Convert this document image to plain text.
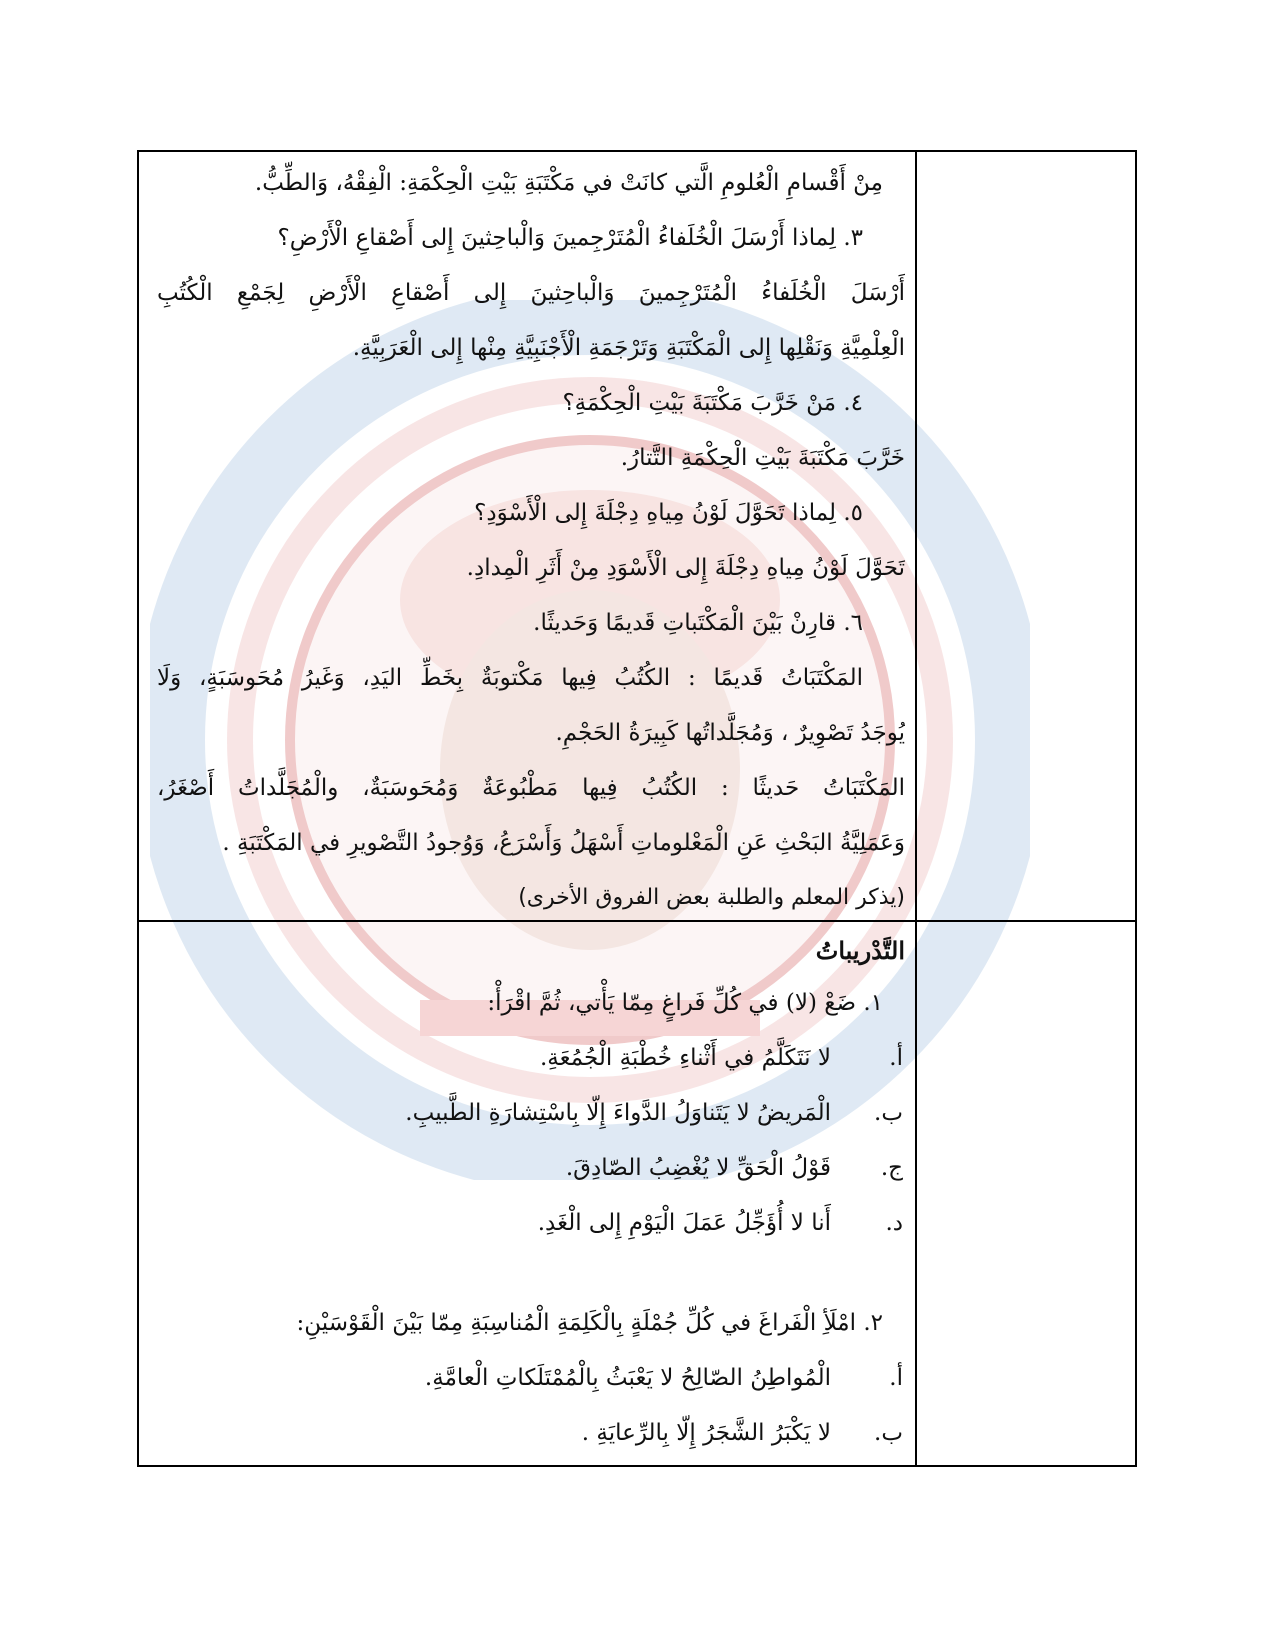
مِنْ أَقْسامِ الْعُلومِ الَّتي كانَتْ في مَكْتَبَةِ بَيْتِ الْحِكْمَةِ: الْفِقْهُ، وَالطِّبُّ.
٣. لِماذا أَرْسَلَ الْخُلَفاءُ الْمُتَرْجِمينَ وَالْباحِثينَ إِلى أَصْقاعِ الْأَرْضِ؟
أَرْسَلَ الْخُلَفاءُ الْمُتَرْجِمينَ وَالْباحِثينَ إِلى أَصْقاعِ الْأَرْضِ لِجَمْعِ الْكُتُبِ
الْعِلْمِيَّةِ وَنَقْلِها إِلى الْمَكْتَبَةِ وَتَرْجَمَةِ الْأَجْنَبِيَّةِ مِنْها إِلى الْعَرَبِيَّةِ.
٤. مَنْ خَرَّبَ مَكْتَبَةَ بَيْتِ الْحِكْمَةِ؟
خَرَّبَ مَكْتَبَةَ بَيْتِ الْحِكْمَةِ التَّتارُ.
٥. لِماذا تَحَوَّلَ لَوْنُ مِياهِ دِجْلَةَ إِلى الْأَسْوَدِ؟
تَحَوَّلَ لَوْنُ مِياهِ دِجْلَةَ إِلى الْأَسْوَدِ مِنْ أَثَرِ الْمِدادِ.
٦. قارِنْ بَيْنَ الْمَكْتَباتِ قَديمًا وَحَديثًا.
المَكْتَبَاتُ قَديمًا : الكُتُبُ فِيها مَكْتوبَةٌ بِخَطِّ اليَدِ، وَغَيرُ مُحَوسَبَةٍ، وَلَا
يُوجَدُ تَصْوِيرٌ ، وَمُجَلَّداتُها كَبِيرَةُ الحَجْمِ.
المَكْتَبَاتُ حَديثًا : الكُتُبُ فِيها مَطْبُوعَةٌ وَمُحَوسَبَةٌ، والْمُجَلَّداتُ أَصْغَرُ،
وَعَمَلِيَّةُ البَحْثِ عَنِ الْمَعْلوماتِ أَسْهَلُ وَأَسْرَعُ، وَوُجودُ التَّصْويرِ في المَكْتَبَةِ .
(يذكر المعلم والطلبة بعض الفروق الأخرى)
التَّدْريباتُ
١. ضَعْ (لا) في كُلِّ فَراغٍ مِمّا يَأْتي، ثُمَّ اقْرَأْ:
أ.
لا نَتَكَلَّمُ في أَثْناءِ خُطْبَةِ الْجُمُعَةِ.
ب.
الْمَريضُ لا يَتَناوَلُ الدَّواءَ إِلّا بِاسْتِشارَةِ الطَّبيبِ.
ج.
قَوْلُ الْحَقِّ لا يُغْضِبُ الصّادِقَ.
د.
أَنا لا أُؤَجِّلُ عَمَلَ الْيَوْمِ إِلى الْغَدِ.
٢. امْلَأِ الْفَراغَ في كُلِّ جُمْلَةٍ بِالْكَلِمَةِ الْمُناسِبَةِ مِمّا بَيْنَ الْقَوْسَيْنِ:
أ.
الْمُواطِنُ الصّالِحُ لا يَعْبَثُ بِالْمُمْتَلَكاتِ الْعامَّةِ.
ب.
لا يَكْبَرُ الشَّجَرُ إِلّا بِالرِّعايَةِ .
